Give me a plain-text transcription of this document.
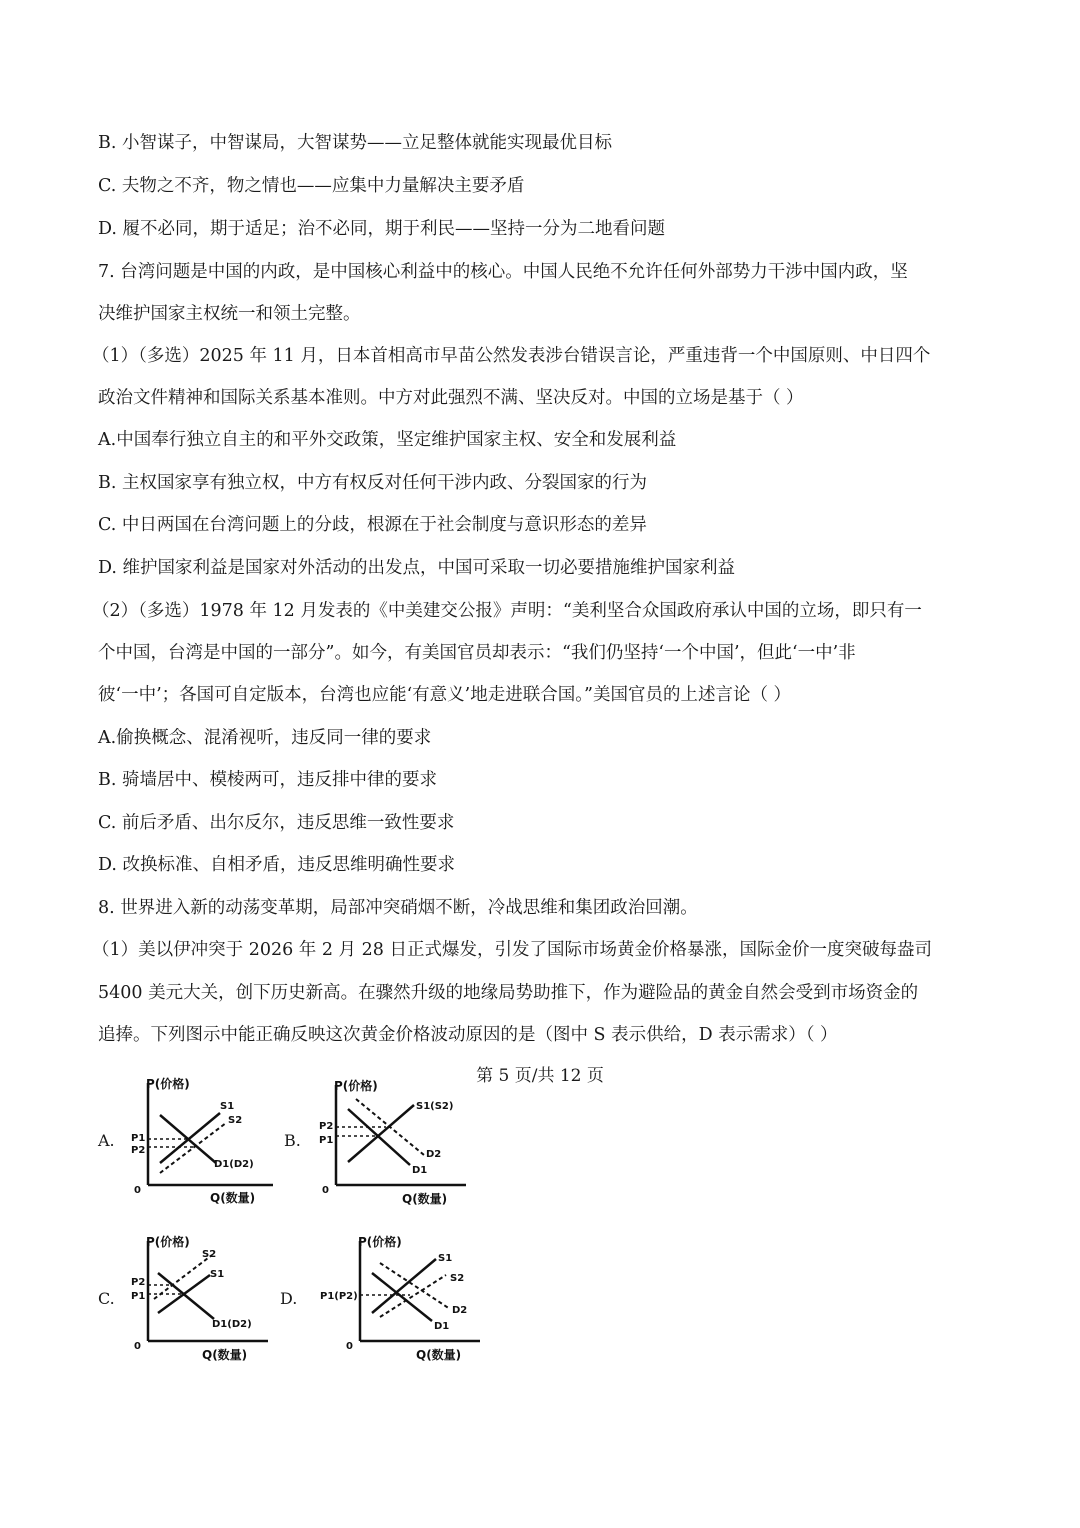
B. 小智谋子，中智谋局，大智谋势——立足整体就能实现最优目标
C. 夫物之不齐，物之情也——应集中力量解决主要矛盾
D. 履不必同，期于适足；治不必同，期于利民——坚持一分为二地看问题
7. 台湾问题是中国的内政，是中国核心利益中的核心。中国人民绝不允许任何外部势力干涉中国内政，坚
决维护国家主权统一和领土完整。
（1）（多选）2025 年 11 月，日本首相高市早苗公然发表涉台错误言论，严重违背一个中国原则、中日四个
政治文件精神和国际关系基本准则。中方对此强烈不满、坚决反对。中国的立场是基于（ ）
A.中国奉行独立自主的和平外交政策，坚定维护国家主权、安全和发展利益
B. 主权国家享有独立权，中方有权反对任何干涉内政、分裂国家的行为
C. 中日两国在台湾问题上的分歧，根源在于社会制度与意识形态的差异
D. 维护国家利益是国家对外活动的出发点，中国可采取一切必要措施维护国家利益
（2）（多选）1978 年 12 月发表的《中美建交公报》声明：“美利坚合众国政府承认中国的立场，即只有一
个中国，台湾是中国的一部分”。如今，有美国官员却表示：“我们仍坚持‘一个中国’，但此‘一中’非
彼‘一中’；各国可自定版本，台湾也应能‘有意义’地走进联合国。”美国官员的上述言论（ ）
A.偷换概念、混淆视听，违反同一律的要求
B. 骑墙居中、模棱两可，违反排中律的要求
C. 前后矛盾、出尔反尔，违反思维一致性要求
D. 改换标准、自相矛盾，违反思维明确性要求
8. 世界进入新的动荡变革期，局部冲突硝烟不断，冷战思维和集团政治回潮。
（1）美以伊冲突于 2026 年 2 月 28 日正式爆发，引发了国际市场黄金价格暴涨，国际金价一度突破每盎司
5400 美元大关，创下历史新高。在骤然升级的地缘局势助推下，作为避险品的黄金自然会受到市场资金的
追捧。下列图示中能正确反映这次黄金价格波动原因的是（图中 S 表示供给，D 表示需求）（ ）
A.
P(价格)
Q(数量)
0
P1
P2
S1
S2
D1(D2)
B.
P(价格)
Q(数量)
0
P2
P1
S1(S2)
D2
D1
C.
P(价格)
Q(数量)
0
P2
P1
S2
S1
D1(D2)
D.
P(价格)
Q(数量)
0
P1(P2)
S1
S2
D2
D1
第 5 页/共 12 页
